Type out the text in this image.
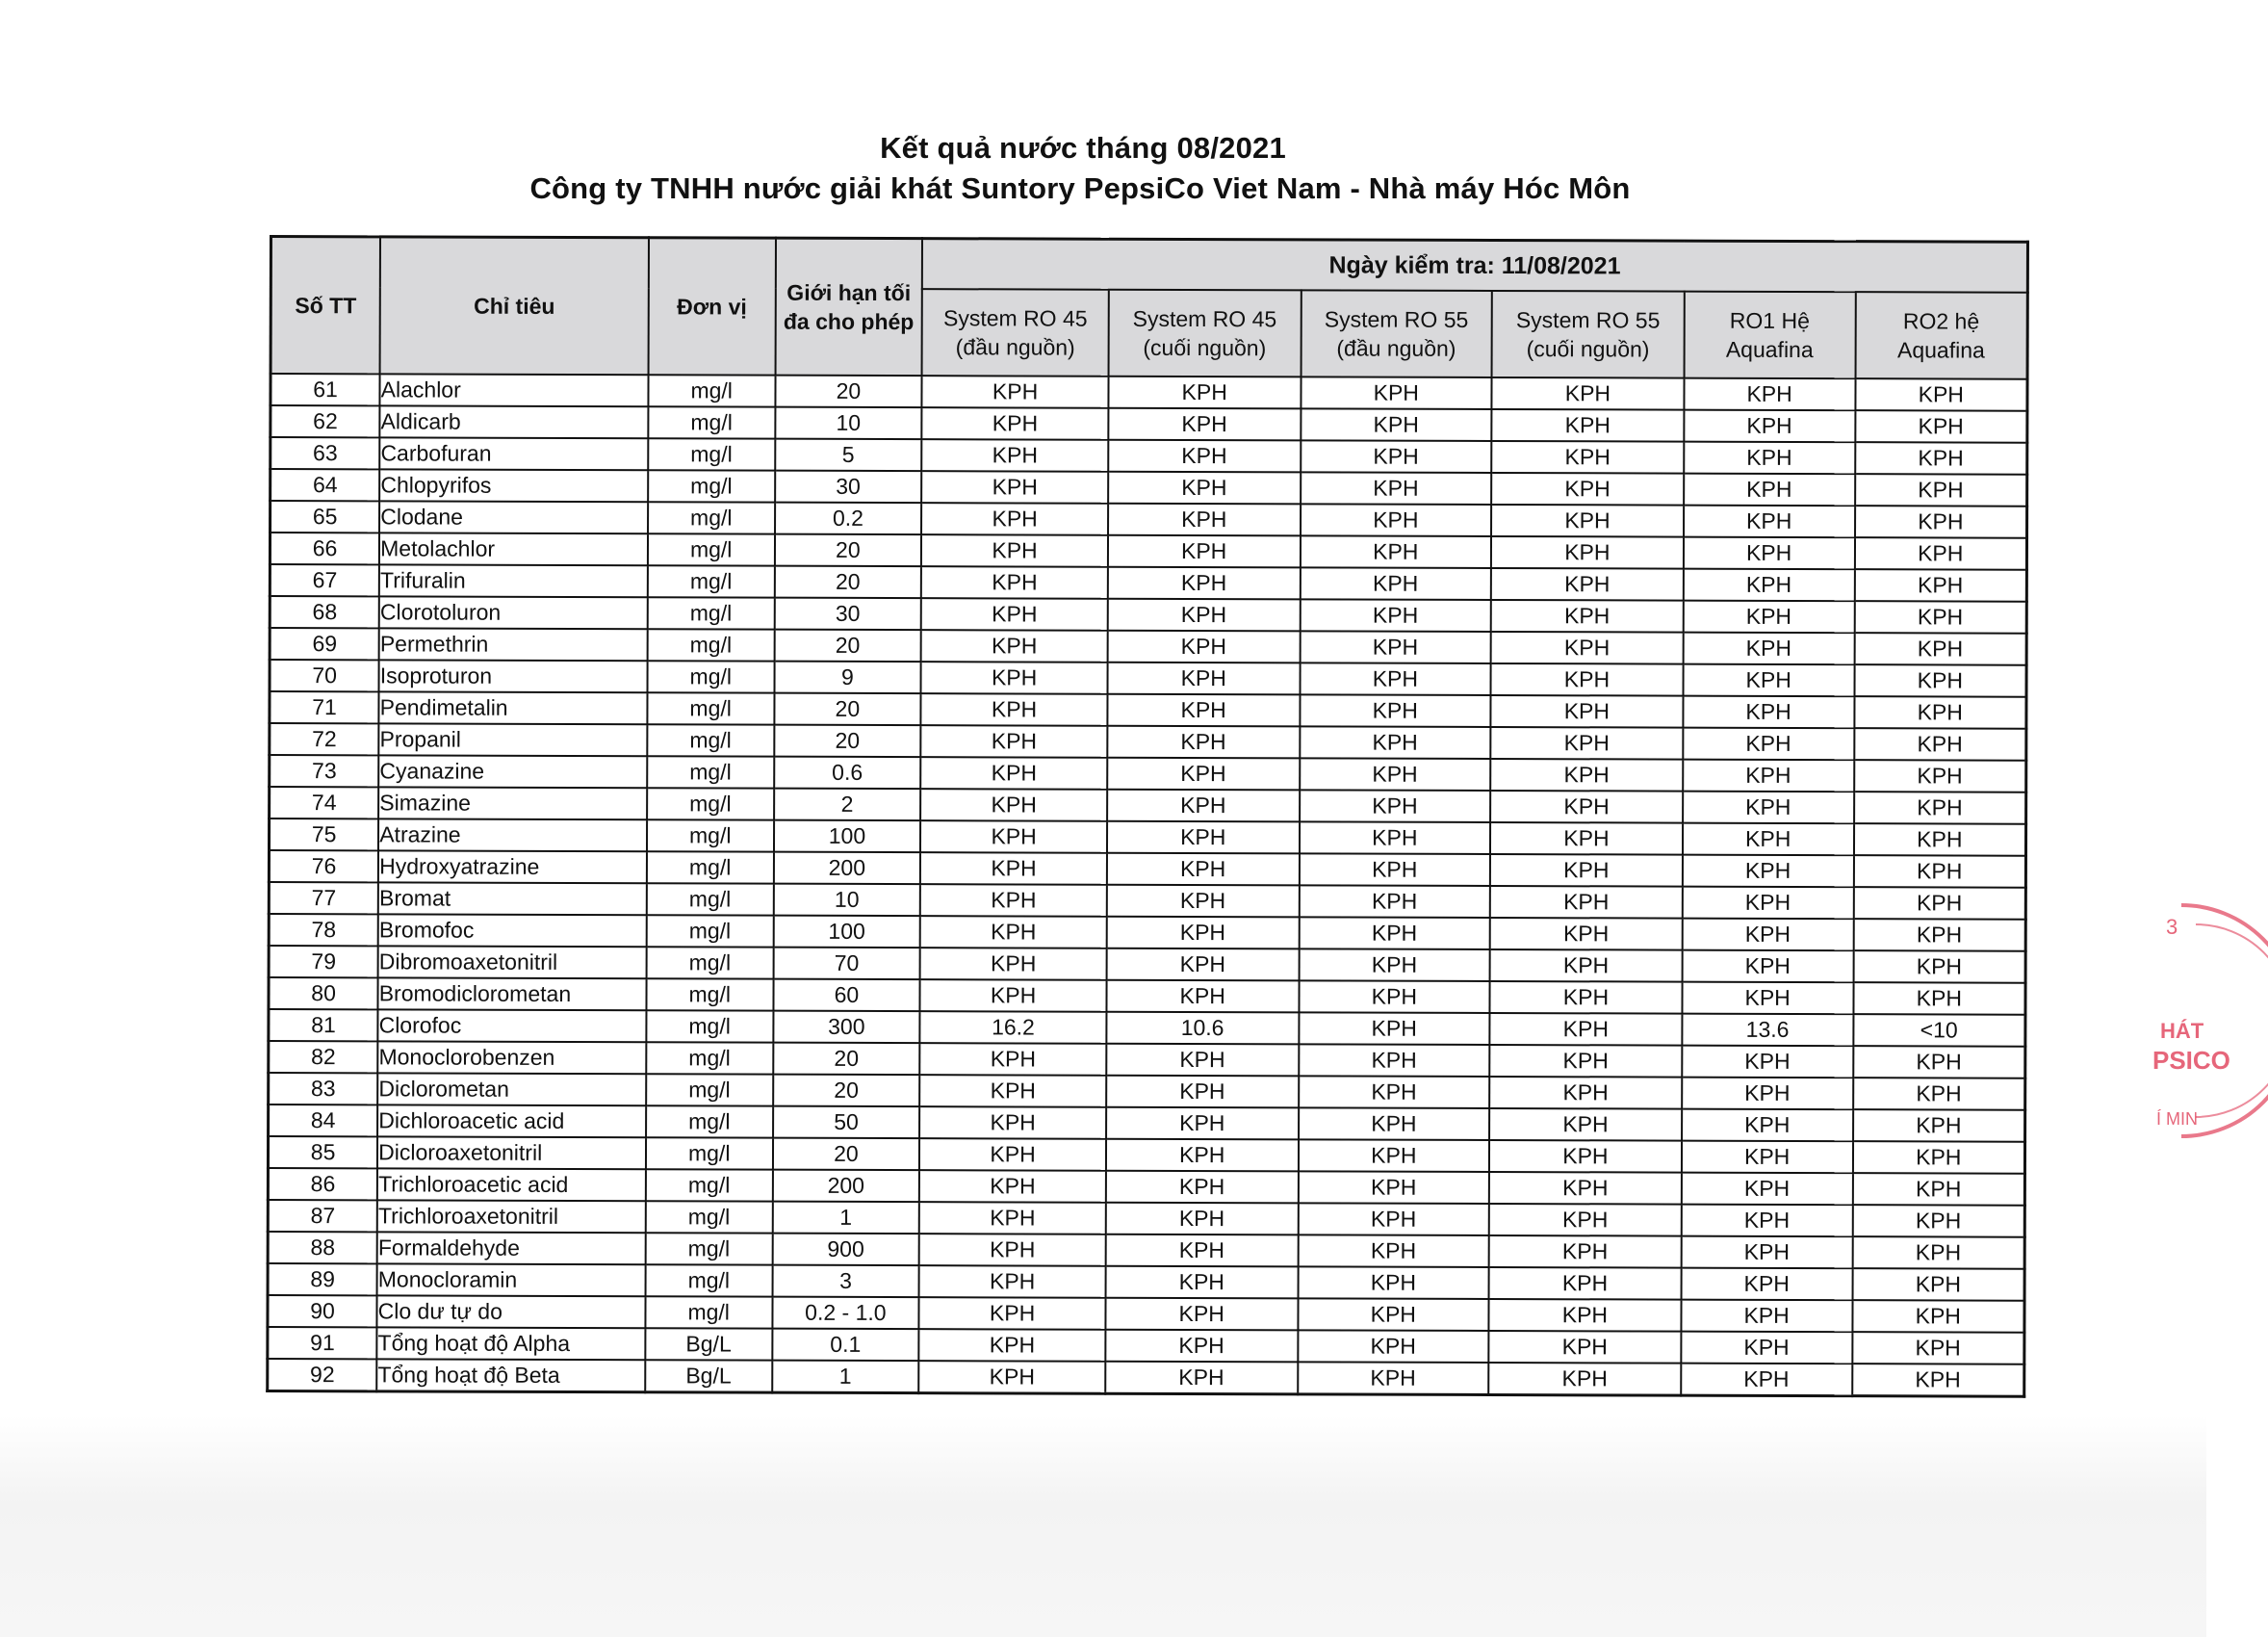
Kết quả nước tháng 08/2021
Công ty TNHH nước giải khát Suntory PepsiCo Viet Nam - Nhà máy Hóc Môn
Số TT	Chỉ tiêu	Đơn vị	Giới hạn tối đa cho phép	Ngày kiểm tra: 11/08/2021					
				System RO 45 (đầu nguồn)	System RO 45 (cuối nguồn)	System RO 55 (đầu nguồn)	System RO 55 (cuối nguồn)	RO1 Hệ Aquafina	RO2 hệ Aquafina
61	Alachlor	mg/l	20	KPH	KPH	KPH	KPH	KPH	KPH
62	Aldicarb	mg/l	10	KPH	KPH	KPH	KPH	KPH	KPH
63	Carbofuran	mg/l	5	KPH	KPH	KPH	KPH	KPH	KPH
64	Chlopyrifos	mg/l	30	KPH	KPH	KPH	KPH	KPH	KPH
65	Clodane	mg/l	0.2	KPH	KPH	KPH	KPH	KPH	KPH
66	Metolachlor	mg/l	20	KPH	KPH	KPH	KPH	KPH	KPH
67	Trifuralin	mg/l	20	KPH	KPH	KPH	KPH	KPH	KPH
68	Clorotoluron	mg/l	30	KPH	KPH	KPH	KPH	KPH	KPH
69	Permethrin	mg/l	20	KPH	KPH	KPH	KPH	KPH	KPH
70	Isoproturon	mg/l	9	KPH	KPH	KPH	KPH	KPH	KPH
71	Pendimetalin	mg/l	20	KPH	KPH	KPH	KPH	KPH	KPH
72	Propanil	mg/l	20	KPH	KPH	KPH	KPH	KPH	KPH
73	Cyanazine	mg/l	0.6	KPH	KPH	KPH	KPH	KPH	KPH
74	Simazine	mg/l	2	KPH	KPH	KPH	KPH	KPH	KPH
75	Atrazine	mg/l	100	KPH	KPH	KPH	KPH	KPH	KPH
76	Hydroxyatrazine	mg/l	200	KPH	KPH	KPH	KPH	KPH	KPH
77	Bromat	mg/l	10	KPH	KPH	KPH	KPH	KPH	KPH
78	Bromofoc	mg/l	100	KPH	KPH	KPH	KPH	KPH	KPH
79	Dibromoaxetonitril	mg/l	70	KPH	KPH	KPH	KPH	KPH	KPH
80	Bromodiclorometan	mg/l	60	KPH	KPH	KPH	KPH	KPH	KPH
81	Clorofoc	mg/l	300	16.2	10.6	KPH	KPH	13.6	<10
82	Monoclorobenzen	mg/l	20	KPH	KPH	KPH	KPH	KPH	KPH
83	Diclorometan	mg/l	20	KPH	KPH	KPH	KPH	KPH	KPH
84	Dichloroacetic acid	mg/l	50	KPH	KPH	KPH	KPH	KPH	KPH
85	Dicloroaxetonitril	mg/l	20	KPH	KPH	KPH	KPH	KPH	KPH
86	Trichloroacetic acid	mg/l	200	KPH	KPH	KPH	KPH	KPH	KPH
87	Trichloroaxetonitril	mg/l	1	KPH	KPH	KPH	KPH	KPH	KPH
88	Formaldehyde	mg/l	900	KPH	KPH	KPH	KPH	KPH	KPH
89	Monocloramin	mg/l	3	KPH	KPH	KPH	KPH	KPH	KPH
90	Clo dư tự do	mg/l	0.2 - 1.0	KPH	KPH	KPH	KPH	KPH	KPH
91	Tổng hoạt độ Alpha	Bg/L	0.1	KPH	KPH	KPH	KPH	KPH	KPH
92	Tổng hoạt độ Beta	Bg/L	1	KPH	KPH	KPH	KPH	KPH	KPH
3
HÁT
PSICO
Í MIN
